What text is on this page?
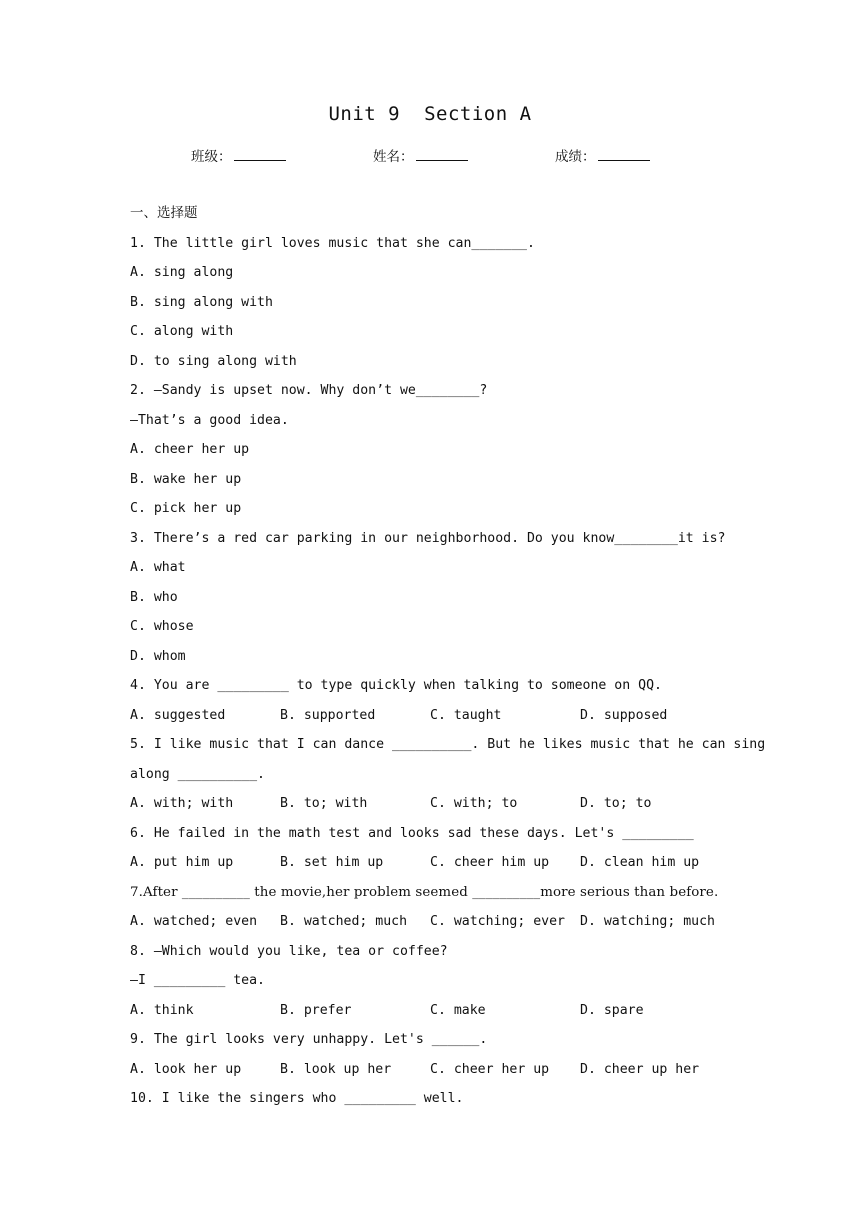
Unit 9 Section A
班级：	姓名：	成绩：
一、选择题
1. The little girl loves music that she can_______.
A. sing along
B. sing along with
C. along with
D. to sing along with
2. —Sandy is upset now. Why don’t we________?
—That’s a good idea.
A. cheer her up
B. wake her up
C. pick her up
3. There’s a red car parking in our neighborhood. Do you know________it is?
A. what
B. who
C. whose
D. whom
4. You are _________ to type quickly when talking to someone on QQ.
A. suggested	B. supported	C. taught	D. supposed
5. I like music that I can dance __________. But he likes music that he can sing
along __________.
A. with; with	B. to; with	C. with; to	D. to; to
6. He failed in the math test and looks sad these days. Let's _________
A. put him up	B. set him up	C. cheer him up	D. clean him up
7.After __________ the movie,her problem seemed __________more serious than before.
A. watched; even	B. watched; much	C. watching; ever	D. watching; much
8. —Which would you like, tea or coffee?
—I _________ tea.
A. think	B. prefer	C. make	D. spare
9. The girl looks very unhappy. Let's ______.
A. look her up	B. look up her	C. cheer her up	D. cheer up her
10. I like the singers who _________ well.
